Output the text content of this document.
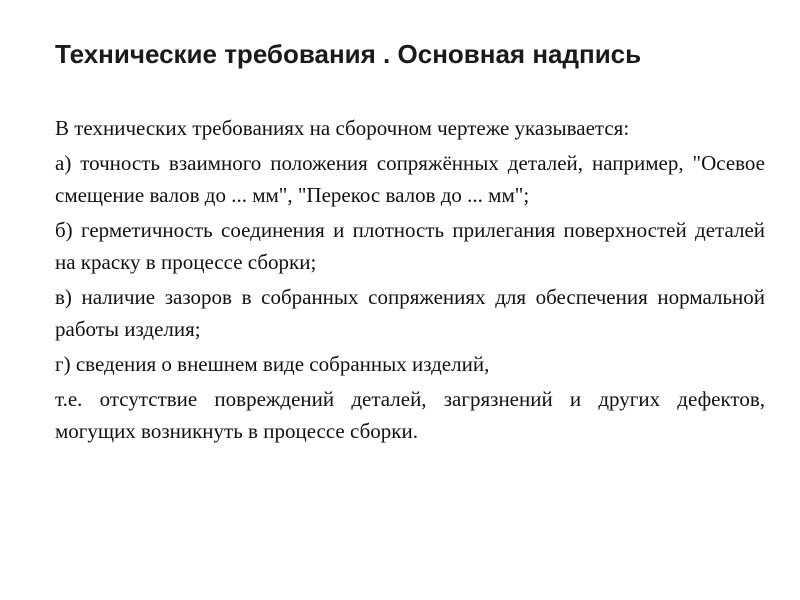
Технические требования . Основная надпись

В технических требованиях на сборочном чертеже указывается:

а) точность взаимного положения сопряжённых деталей, например, "Осевое смещение валов до ... мм", "Перекос валов до ... мм";

б) герметичность соединения и плотность прилегания поверхностей деталей на краску в процессе сборки;

в) наличие зазоров в собранных сопряжениях для обеспечения нормальной работы изделия;

г) сведения о внешнем виде собранных изделий,

т.е. отсутствие повреждений деталей, загрязнений и других дефектов, могущих возникнуть в процессе сборки.
